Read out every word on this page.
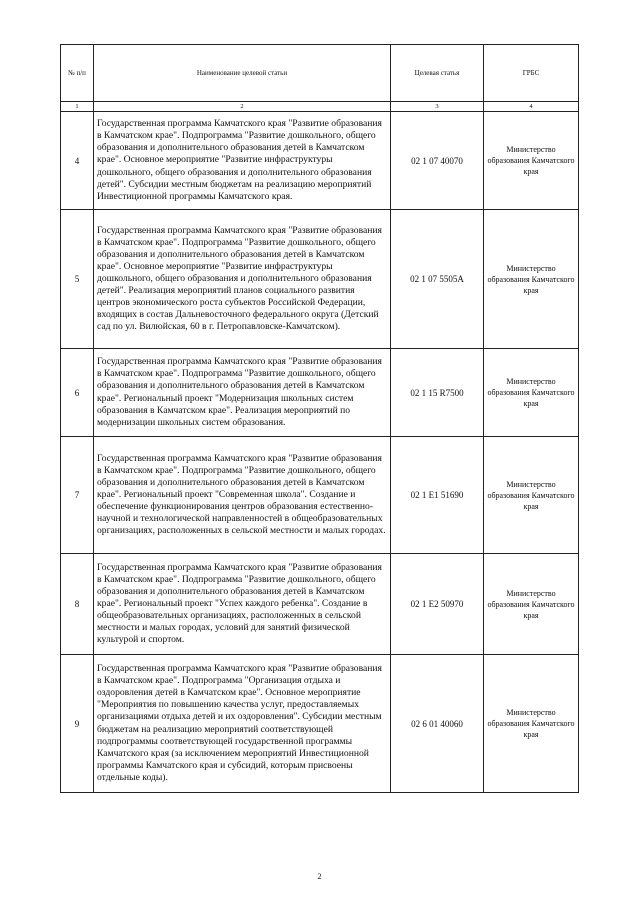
№ п/п	Наименование целевой статьи	Целевая статья	ГРБС
1	2	3	4
4	Государственная программа Камчатского края "Развитие образования в Камчатском крае". Подпрограмма "Развитие дошкольного, общего образования и дополнительного образования детей в Камчатском крае". Основное мероприятие "Развитие инфраструктуры дошкольного, общего образования и дополнительного образования детей". Субсидии местным бюджетам на реализацию мероприятий Инвестиционной программы Камчатского края.	02 1 07 40070	Министерство образования Камчатского края
5	Государственная программа Камчатского края "Развитие образования в Камчатском крае". Подпрограмма "Развитие дошкольного, общего образования и дополнительного образования детей в Камчатском крае". Основное мероприятие "Развитие инфраструктуры дошкольного, общего образования и дополнительного образования детей". Реализация мероприятий планов социального развития центров экономического роста субъектов Российской Федерации, входящих в состав Дальневосточного федерального округа (Детский сад по ул. Вилюйская, 60 в г. Петропавловске-Камчатском).	02 1 07 5505А	Министерство образования Камчатского края
6	Государственная программа Камчатского края "Развитие образования в Камчатском крае". Подпрограмма "Развитие дошкольного, общего образования и дополнительного образования детей в Камчатском крае". Региональный проект "Модернизация школьных систем образования в Камчатском крае". Реализация мероприятий по модернизации школьных систем образования.	02 1 15 R7500	Министерство образования Камчатского края
7	Государственная программа Камчатского края "Развитие образования в Камчатском крае". Подпрограмма "Развитие дошкольного, общего образования и дополнительного образования детей в Камчатском крае". Региональный проект "Современная школа". Создание и обеспечение функционирования центров образования естественно-научной и технологической направленностей в общеобразовательных организациях, расположенных в сельской местности и малых городах.	02 1 E1 51690	Министерство образования Камчатского края
8	Государственная программа Камчатского края "Развитие образования в Камчатском крае". Подпрограмма "Развитие дошкольного, общего образования и дополнительного образования детей в Камчатском крае". Региональный проект "Успех каждого ребенка". Создание в общеобразовательных организациях, расположенных в сельской местности и малых городах, условий для занятий физической культурой и спортом.	02 1 E2 50970	Министерство образования Камчатского края
9	Государственная программа Камчатского края "Развитие образования в Камчатском крае". Подпрограмма "Организация отдыха и оздоровления детей в Камчатском крае". Основное мероприятие "Мероприятия по повышению качества услуг, предоставляемых организациями отдыха детей и их оздоровления". Субсидии местным бюджетам на реализацию мероприятий соответствующей подпрограммы соответствующей государственной программы Камчатского края (за исключением мероприятий Инвестиционной программы Камчатского края и субсидий, которым присвоены отдельные коды).	02 6 01 40060	Министерство образования Камчатского края
2
